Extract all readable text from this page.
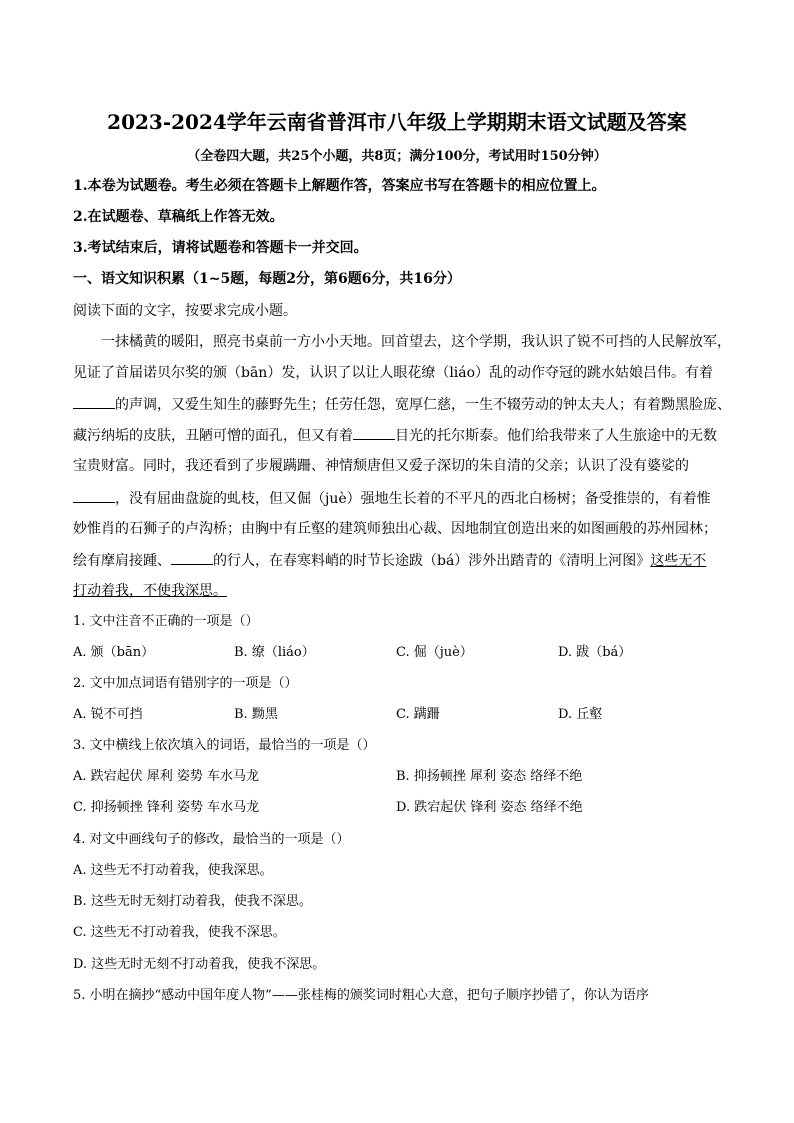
2023-2024学年云南省普洱市八年级上学期期末语文试题及答案
（全卷四大题，共25个小题，共8页；满分100分，考试用时150分钟）
1.本卷为试题卷。考生必须在答题卡上解题作答，答案应书写在答题卡的相应位置上。
2.在试题卷、草稿纸上作答无效。
3.考试结束后，请将试题卷和答题卡一并交回。
一、语文知识积累（1~5题，每题2分，第6题6分，共16分）
阅读下面的文字，按要求完成小题。
一抹橘黄的暖阳，照亮书桌前一方小小天地。回首望去，这个学期，我认识了锐不可挡的人民解放军，
见证了首届诺贝尔奖的颁（bān）发，认识了以让人眼花缭（liáo）乱的动作夺冠的跳水姑娘吕伟。有着
的声调，又爱生知生的藤野先生；任劳任怨，宽厚仁慈，一生不辍劳动的钟太夫人；有着黝黑脸庞、
藏污纳垢的皮肤，丑陋可憎的面孔，但又有着	目光的托尔斯泰。他们给我带来了人生旅途中的无数
宝贵财富。同时，我还看到了步履蹒跚、神情颓唐但又爱子深切的朱自清的父亲；认识了没有婆娑的
，没有屈曲盘旋的虬枝，但又倔（juè）强地生长着的不平凡的西北白杨树；备受推崇的，有着惟
妙惟肖的石狮子的卢沟桥；由胸中有丘壑的建筑师独出心裁、因地制宜创造出来的如图画般的苏州园林；
绘有摩肩接踵、	的行人，在春寒料峭的时节长途跋（bá）涉外出踏青的《清明上河图》这些无不
打动着我，不使我深思。
1. 文中注音不正确的一项是（）
A. 颁（bān）	B. 缭（liáo）	C. 倔（juè）	D. 跋（bá）
2. 文中加点词语有错别字的一项是（）
A. 锐不可挡	B. 黝黑	C. 蹒跚	D. 丘壑
3. 文中横线上依次填入的词语，最恰当的一项是（）
A. 跌宕起伏 犀利 姿势 车水马龙	B. 抑扬顿挫 犀利 姿态 络绎不绝
C. 抑扬顿挫 锋利 姿势 车水马龙	D. 跌宕起伏 锋利 姿态 络绎不绝
4. 对文中画线句子的修改，最恰当的一项是（）
A. 这些无不打动着我，使我深思。
B. 这些无时无刻打动着我，使我不深思。
C. 这些无不打动着我，使我不深思。
D. 这些无时无刻不打动着我，使我不深思。
5. 小明在摘抄“感动中国年度人物”——张桂梅的颁奖词时粗心大意，把句子顺序抄错了，你认为语序
